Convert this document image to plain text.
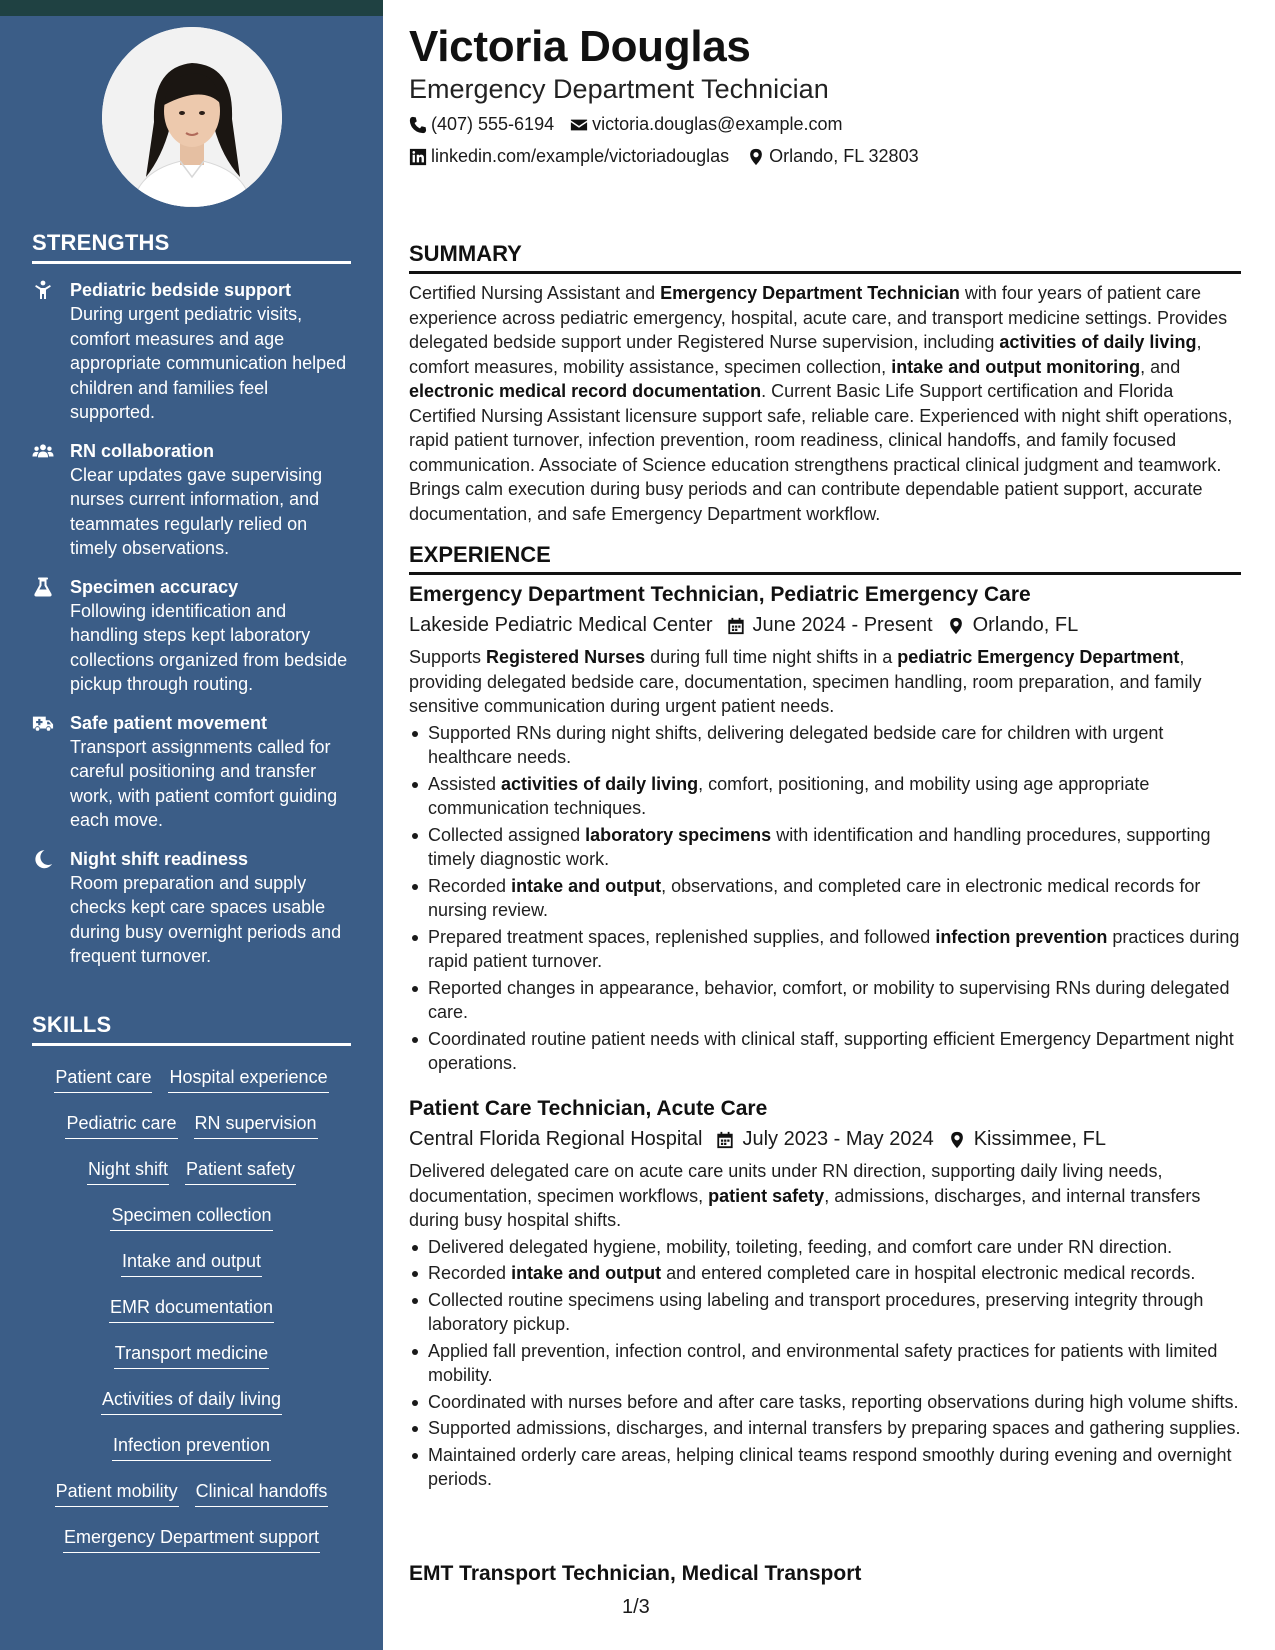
STRENGTHS
Pediatric bedside support
During urgent pediatric visits, comfort measures and age appropriate communication helped children and families feel supported.
RN collaboration
Clear updates gave supervising nurses current information, and teammates regularly relied on timely observations.
Specimen accuracy
Following identification and handling steps kept laboratory collections organized from bedside pickup through routing.
Safe patient movement
Transport assignments called for careful positioning and transfer work, with patient comfort guiding each move.
Night shift readiness
Room preparation and supply checks kept care spaces usable during busy overnight periods and frequent turnover.
SKILLS
Patient care Hospital experience
Pediatric care RN supervision
Night shift Patient safety
Specimen collection
Intake and output
EMR documentation
Transport medicine
Activities of daily living
Infection prevention
Patient mobility Clinical handoffs
Emergency Department support
Victoria Douglas
Emergency Department Technician
(407) 555-6194 victoria.douglas@example.com
linkedin.com/example/victoriadouglas Orlando, FL 32803
SUMMARY
Certified Nursing Assistant and Emergency Department Technician with four years of patient care experience across pediatric emergency, hospital, acute care, and transport medicine settings. Provides delegated bedside support under Registered Nurse supervision, including activities of daily living, comfort measures, mobility assistance, specimen collection, intake and output monitoring, and electronic medical record documentation. Current Basic Life Support certification and Florida Certified Nursing Assistant licensure support safe, reliable care. Experienced with night shift operations, rapid patient turnover, infection prevention, room readiness, clinical handoffs, and family focused communication. Associate of Science education strengthens practical clinical judgment and teamwork. Brings calm execution during busy periods and can contribute dependable patient support, accurate documentation, and safe Emergency Department workflow.
EXPERIENCE
Emergency Department Technician, Pediatric Emergency Care
Lakeside Pediatric Medical Center June 2024 - Present Orlando, FL
Supports Registered Nurses during full time night shifts in a pediatric Emergency Department, providing delegated bedside care, documentation, specimen handling, room preparation, and family sensitive communication during urgent patient needs.
Supported RNs during night shifts, delivering delegated bedside care for children with urgent healthcare needs.
Assisted activities of daily living, comfort, positioning, and mobility using age appropriate communication techniques.
Collected assigned laboratory specimens with identification and handling procedures, supporting timely diagnostic work.
Recorded intake and output, observations, and completed care in electronic medical records for nursing review.
Prepared treatment spaces, replenished supplies, and followed infection prevention practices during rapid patient turnover.
Reported changes in appearance, behavior, comfort, or mobility to supervising RNs during delegated care.
Coordinated routine patient needs with clinical staff, supporting efficient Emergency Department night operations.
Patient Care Technician, Acute Care
Central Florida Regional Hospital July 2023 - May 2024 Kissimmee, FL
Delivered delegated care on acute care units under RN direction, supporting daily living needs, documentation, specimen workflows, patient safety, admissions, discharges, and internal transfers during busy hospital shifts.
Delivered delegated hygiene, mobility, toileting, feeding, and comfort care under RN direction.
Recorded intake and output and entered completed care in hospital electronic medical records.
Collected routine specimens using labeling and transport procedures, preserving integrity through laboratory pickup.
Applied fall prevention, infection control, and environmental safety practices for patients with limited mobility.
Coordinated with nurses before and after care tasks, reporting observations during high volume shifts.
Supported admissions, discharges, and internal transfers by preparing spaces and gathering supplies.
Maintained orderly care areas, helping clinical teams respond smoothly during evening and overnight periods.
EMT Transport Technician, Medical Transport
1/3
